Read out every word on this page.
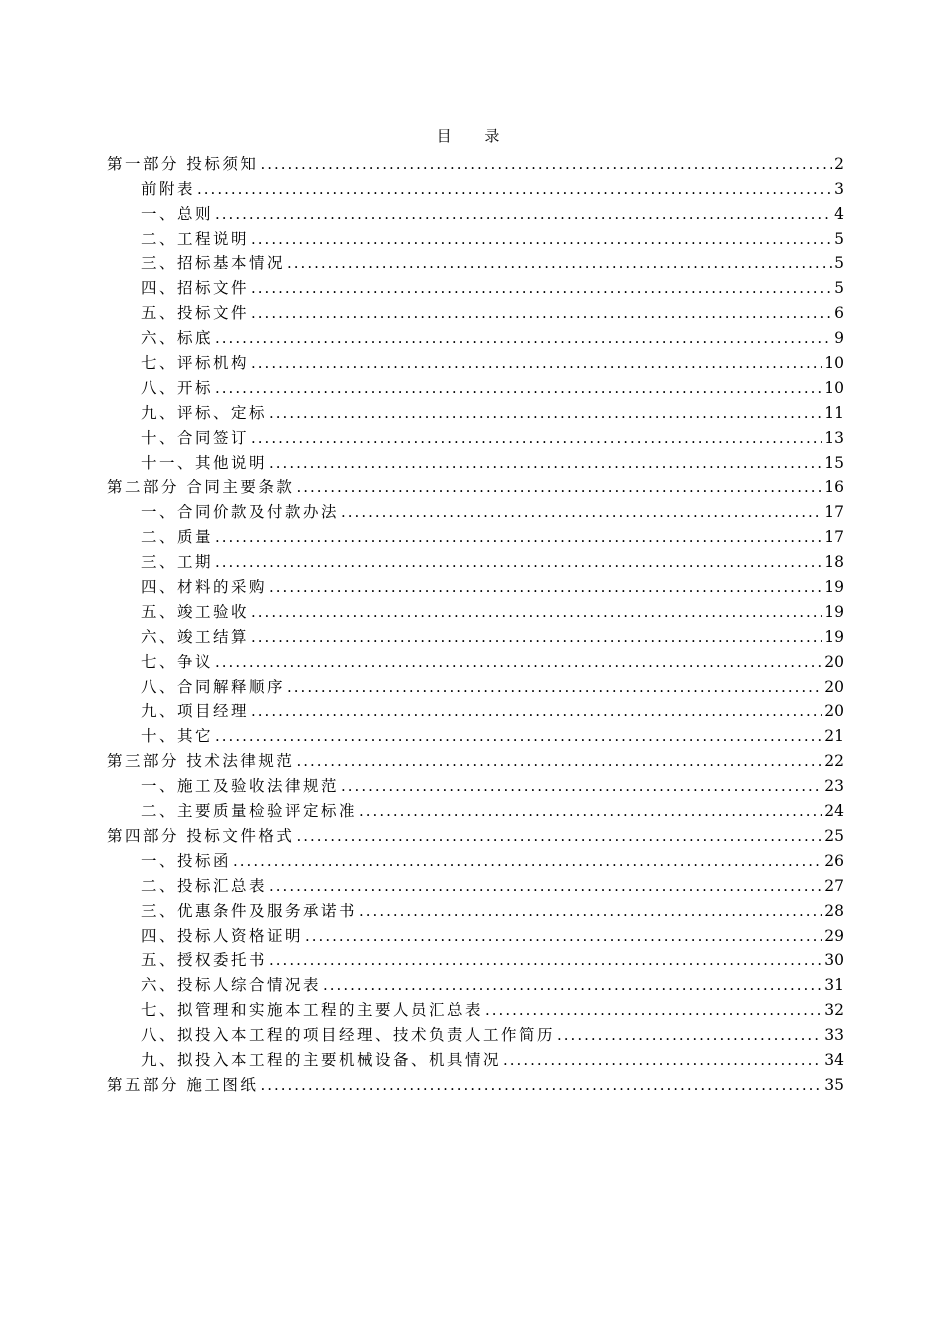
目 录
第一部分 投标须知 .....	2
前附表 .....	3
一、总则 .....	4
二、工程说明 .....	5
三、招标基本情况 .....	5
四、招标文件 .....	5
五、投标文件 .....	6
六、标底 .....	9
七、评标机构 .....	10
八、开标 .....	10
九、评标、定标 .....	11
十、合同签订 .....	13
十一、其他说明 .....	15
第二部分 合同主要条款 .....	16
一、合同价款及付款办法 .....	17
二、质量 .....	17
三、工期 .....	18
四、材料的采购 .....	19
五、竣工验收 .....	19
六、竣工结算 .....	19
七、争议 .....	20
八、合同解释顺序 .....	20
九、项目经理 .....	20
十、其它 .....	21
第三部分 技术法律规范 .....	22
一、施工及验收法律规范 .....	23
二、主要质量检验评定标准 .....	24
第四部分 投标文件格式 .....	25
一、投标函 .....	26
二、投标汇总表 .....	27
三、优惠条件及服务承诺书 .....	28
四、投标人资格证明 .....	29
五、授权委托书 .....	30
六、投标人综合情况表 .....	31
七、拟管理和实施本工程的主要人员汇总表 .....	32
八、拟投入本工程的项目经理、技术负责人工作简历 .....	33
九、拟投入本工程的主要机械设备、机具情况 .....	34
第五部分 施工图纸 .....	35
